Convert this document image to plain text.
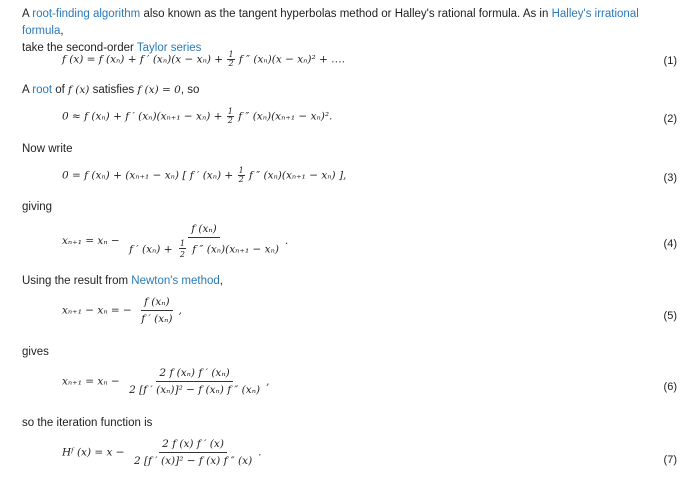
A root-finding algorithm also known as the tangent hyperbolas method or Halley's rational formula. As in Halley's irrational formula,
take the second-order Taylor series
f (x) = f (xₙ) + f ′ $(x_n)(x - x_n) + \frac{1}{2}$ f ″ (xₙ)(x − xₙ)² + ….	(1)
A root of f (x) satisfies f (x) = 0, so
0 ≈ f (xₙ) + f ′ $(x_n)(x_{n+1} - x_n) + \frac{1}{2}$ f ″ (xₙ)(xₙ₊₁ − xₙ)².	(2)
Now write
0 = f (xₙ) + (xₙ₊₁ − xₙ) [ f ′ $(x_n) + \frac{1}{2}$ f ″ (xₙ)(xₙ₊₁ − xₙ) ],	(3)
giving
$x_{n+1} = x_n - \frac{\text{f (xₙ)}}{f ' (x_n) + \frac{1}{2} f '' (x_n)(x_{n+1} - x_n)}$ .	(4)
Using the result from Newton's method,
xₙ₊₁ − xₙ = − $\frac{\text{f (xₙ)}}{\text{f ′ (xₙ)}}$ ,	(5)
gives
$x_{n+1} = x_n - \frac{\text{2 f (xₙ) f ′ (xₙ)}}{\text{2 [f ′ (xₙ)]² − f (xₙ) f ″ (xₙ)}}$ ,	(6)
so the iteration function is
Hᶠ $(x) = x - \frac{2 f (x) f ' (x)}{\text{2 [f ′ (x)]² − f (x) f ″ (x)}}$ .
(7)
